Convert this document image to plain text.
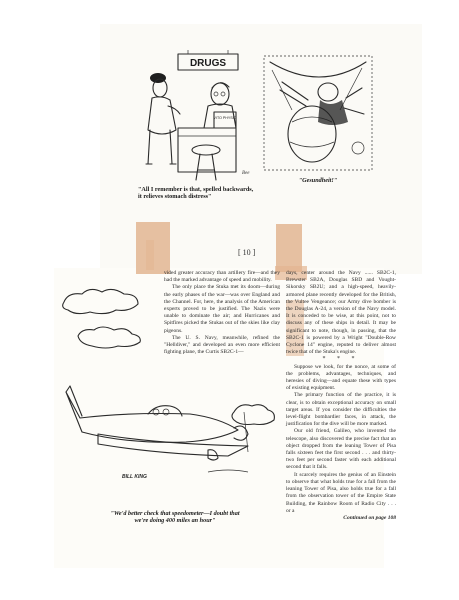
DRUGS
VITO PHYSIO
Bee
"All I remember is that, spelled backwards, it relieves stomach distress"
"Gesundheit!"
[ 10 ]
BILL KING
"We'd better check that speedometer—I doubt that
we're doing 400 miles an hour"

vided greater accuracy than artillery fire—and they had the marked advantage of speed and mobility.

The only place the Stuka met its doom—during the early phases of the war—was over England and the Channel. For, here, the analysis of the American experts proved to be justified. The Nazis were unable to dominate the air; and Hurricanes and Spitfires picked the Stukas out of the skies like clay pigeons.

The U. S. Navy, meanwhile, refined the "Helldiver," and developed an even more efficient fighting plane, the Curtis SB2C-1—

days, center around the Navy ...... SB2C-1, Brewster SB2A, Douglas SBD and Vought-Sikorsky SB2U; and a high-speed, heavily-armored plane recently developed for the British, the Vultee Vengeance; our Army dive bomber is the Douglas A-24, a version of the Navy model. It is conceded to be wise, at this point, not to discuss any of these ships in detail. It may be significant to note, though, in passing, that the SB2C-1 is powered by a Wright "Double-Row Cyclone 14" engine, reputed to deliver almost twice that of the Stuka's engine.

* * *

Suppose we look, for the nonce, at some of the problems, advantages, techniques, and heresies of diving—and equate these with types of existing equipment.

The primary function of the practice, it is clear, is to obtain exceptional accuracy on small target areas. If you consider the difficulties the level-flight bombardier faces, in attack, the justification for the dive will be more marked.

Our old friend, Galileo, who invented the telescope, also discovered the precise fact that an object dropped from the leaning Tower of Pisa falls sixteen feet the first second . . . and thirty-two feet per second faster with each additional second that it falls.

It scarcely requires the genius of an Einstein to observe that what holds true for a fall from the leaning Tower of Pisa, also holds true for a fall from the observation tower of the Empire State Building, the Rainbow Room of Radio City . . . or a

Continued on page 108
